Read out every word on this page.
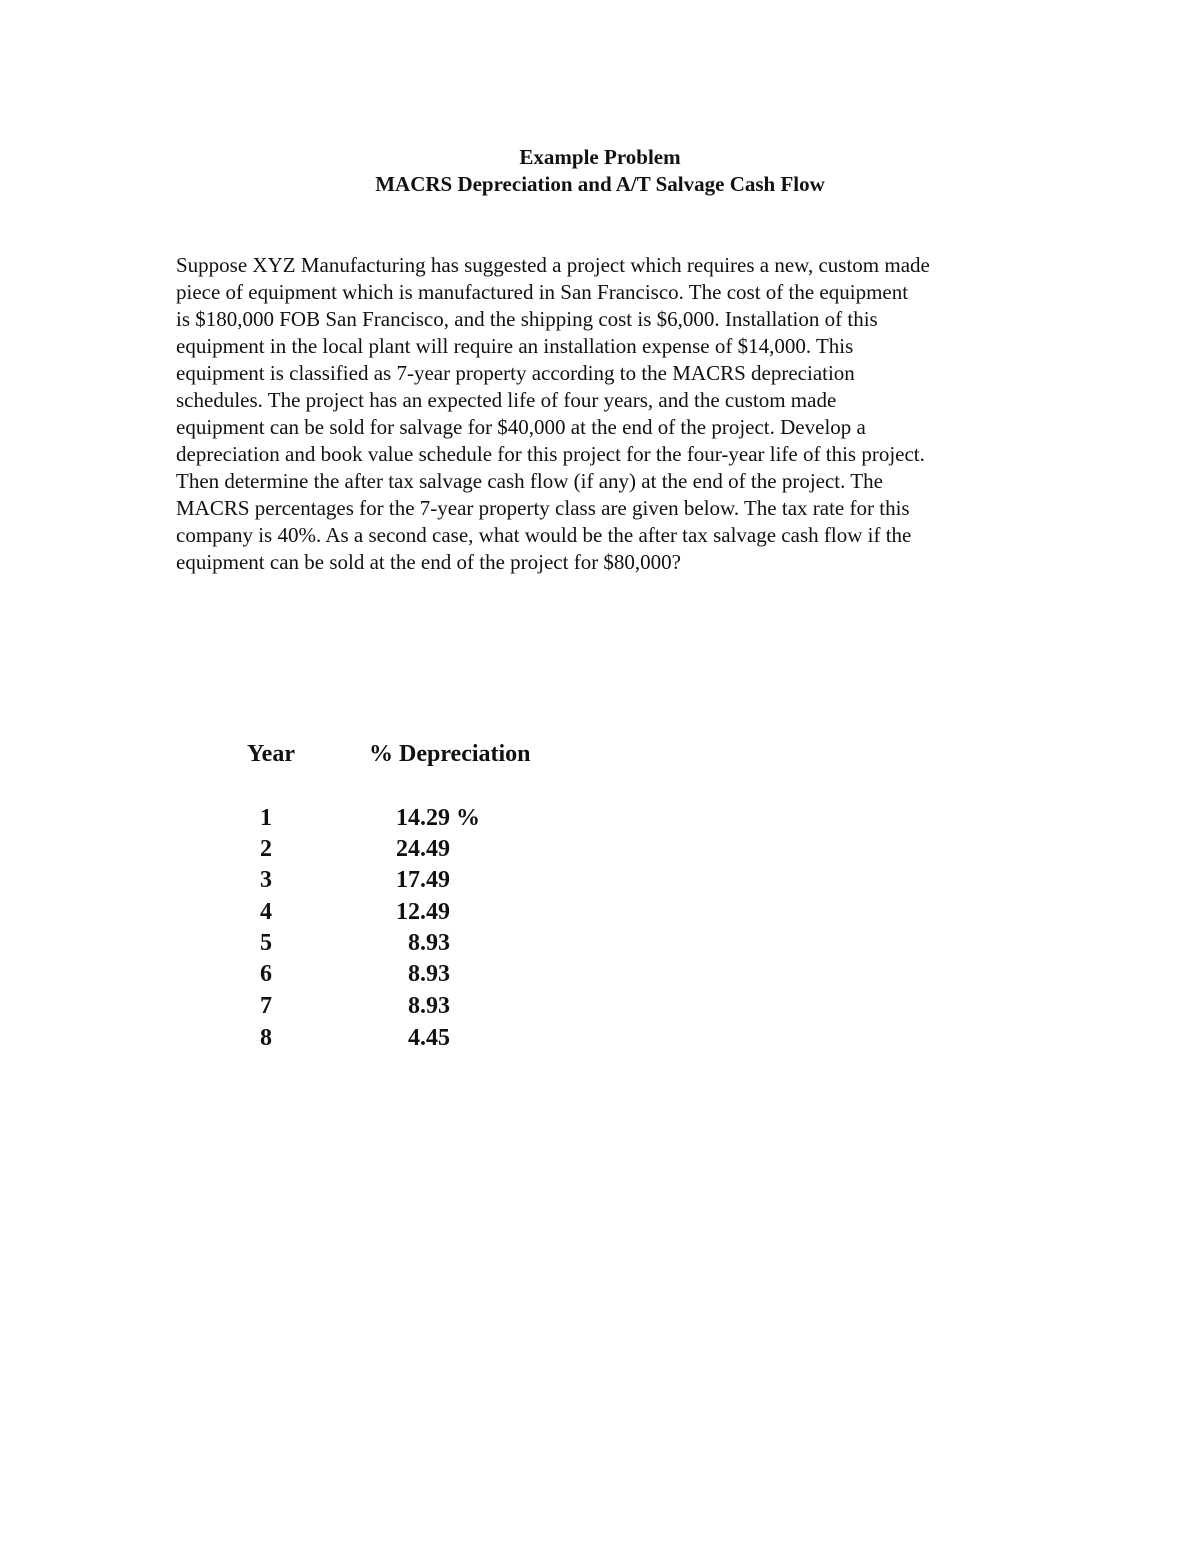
Example Problem
MACRS Depreciation and A/T Salvage Cash Flow

Suppose XYZ Manufacturing has suggested a project which requires a new, custom made
piece of equipment which is manufactured in San Francisco. The cost of the equipment
is $180,000 FOB San Francisco, and the shipping cost is $6,000. Installation of this
equipment in the local plant will require an installation expense of $14,000. This
equipment is classified as 7-year property according to the MACRS depreciation
schedules. The project has an expected life of four years, and the custom made
equipment can be sold for salvage for $40,000 at the end of the project. Develop a
depreciation and book value schedule for this project for the four-year life of this project.
Then determine the after tax salvage cash flow (if any) at the end of the project. The
MACRS percentages for the 7-year property class are given below. The tax rate for this
company is 40%. As a second case, what would be the after tax salvage cash flow if the
equipment can be sold at the end of the project for $80,000?

Year	% Depreciation
1	14.29 %
2	24.49
3	17.49
4	12.49
5	8.93
6	8.93
7	8.93
8	4.45
